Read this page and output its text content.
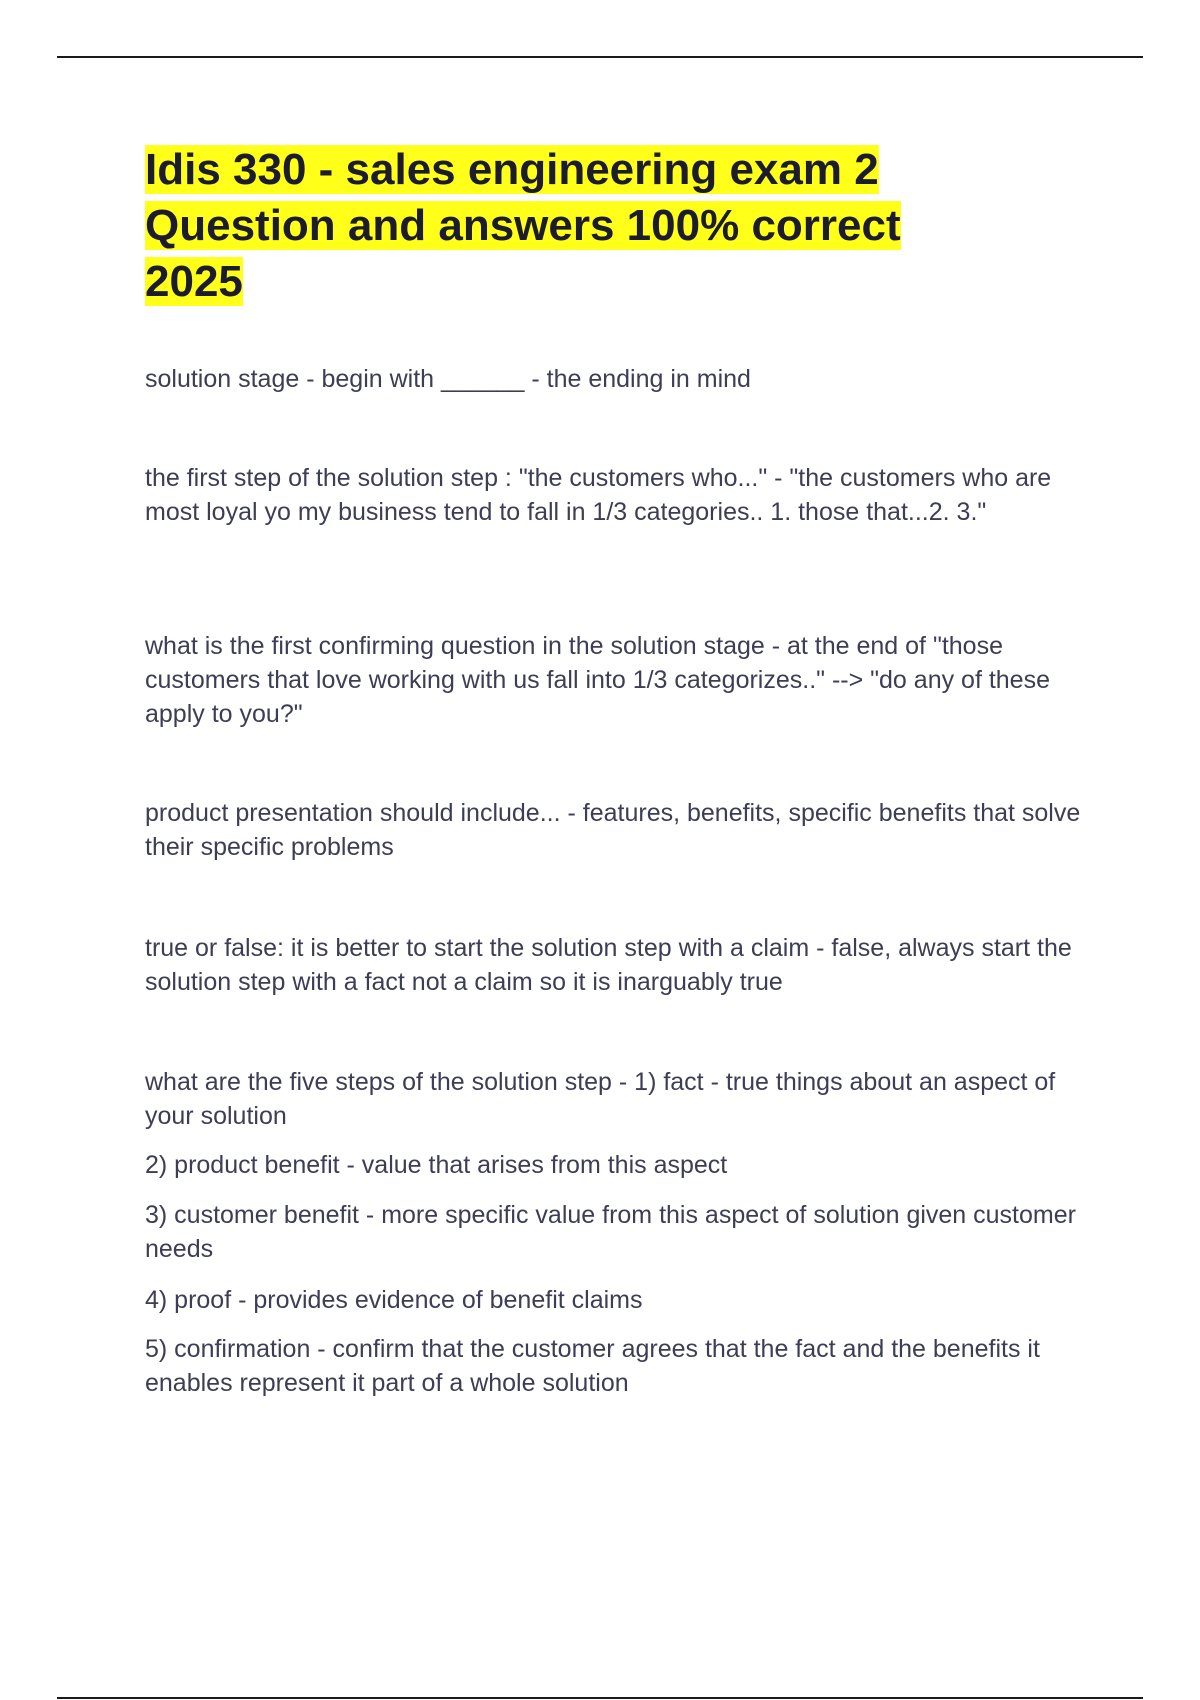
Idis 330 - sales engineering exam 2
Question and answers 100% correct
2025

solution stage - begin with ______ - the ending in mind

the first step of the solution step : "the customers who..." - "the customers who are most loyal yo my business tend to fall in 1/3 categories.. 1. those that...2. 3."

what is the first confirming question in the solution stage - at the end of "those customers that love working with us fall into 1/3 categorizes.." --> "do any of these apply to you?"

product presentation should include... - features, benefits, specific benefits that solve their specific problems

true or false: it is better to start the solution step with a claim - false, always start the solution step with a fact not a claim so it is inarguably true

what are the five steps of the solution step - 1) fact - true things about an aspect of your solution

2) product benefit - value that arises from this aspect

3) customer benefit - more specific value from this aspect of solution given customer needs

4) proof - provides evidence of benefit claims

5) confirmation - confirm that the customer agrees that the fact and the benefits it enables represent it part of a whole solution
